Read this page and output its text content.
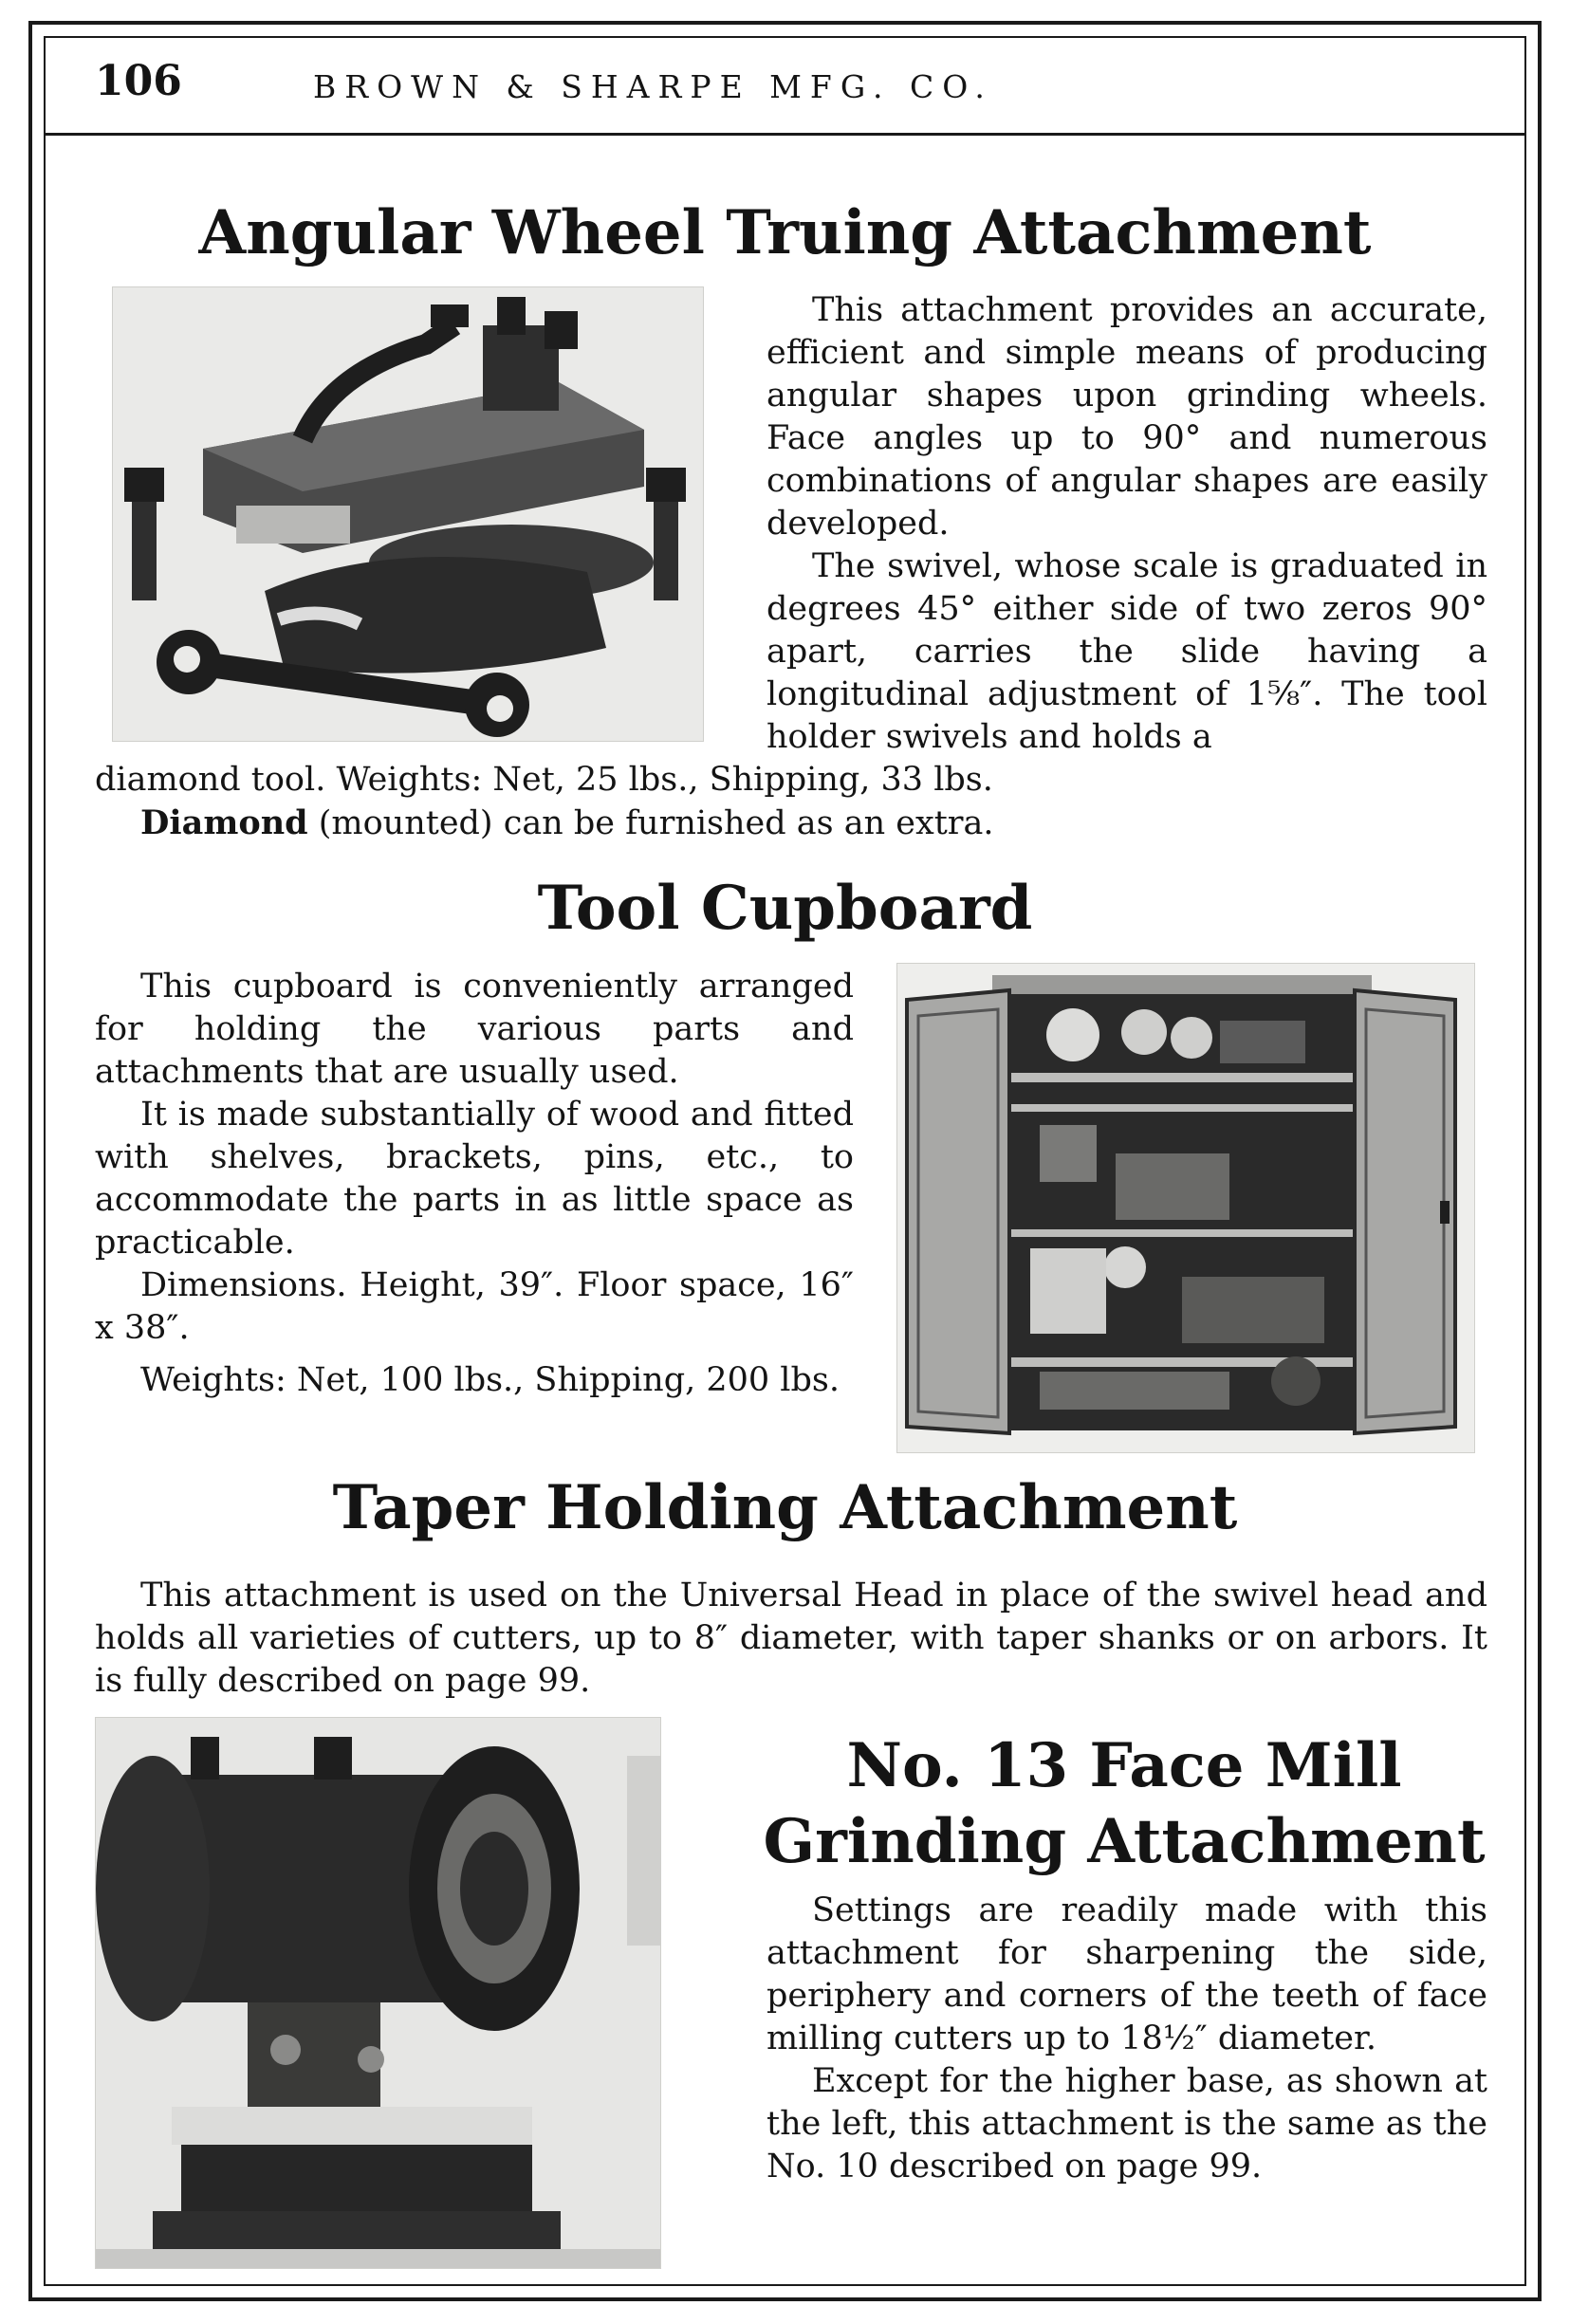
106	BROWN & SHARPE MFG. CO.
Angular Wheel Truing Attachment

This attachment provides an accurate, efficient and simple means of producing angular shapes upon grinding wheels. Face angles up to 90° and numerous combinations of angular shapes are easily developed.

The swivel, whose scale is graduated in degrees 45° either side of two zeros 90° apart, carries the slide having a longitudinal adjustment of 1⅝″. The tool holder swivels and holds a

diamond tool. Weights: Net, 25 lbs., Shipping, 33 lbs.

Diamond (mounted) can be furnished as an extra.

Tool Cupboard

This cupboard is conveniently arranged for holding the various parts and attachments that are usually used.

It is made substantially of wood and fitted with shelves, brackets, pins, etc., to accommodate the parts in as little space as practicable.

Dimensions. Height, 39″. Floor space, 16″ x 38″.

Weights: Net, 100 lbs., Shipping, 200 lbs.

Taper Holding Attachment

This attachment is used on the Universal Head in place of the swivel head and holds all varieties of cutters, up to 8″ diameter, with taper shanks or on arbors. It is fully described on page 99.

No. 13 Face Mill
Grinding Attachment

Settings are readily made with this attachment for sharpening the side, periphery and corners of the teeth of face milling cutters up to 18½″ diameter.

Except for the higher base, as shown at the left, this attachment is the same as the No. 10 described on page 99.
